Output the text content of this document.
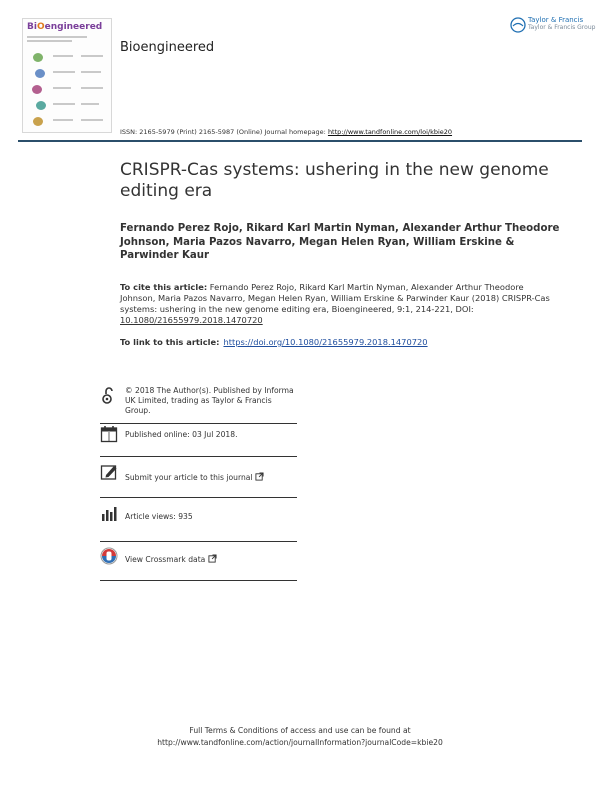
BiOengineered
Bioengineered
Taylor & Francis
Taylor & Francis Group
ISSN: 2165-5979 (Print) 2165-5987 (Online) Journal homepage: http://www.tandfonline.com/loi/kbie20
CRISPR-Cas systems: ushering in the new genome editing era
Fernando Perez Rojo, Rikard Karl Martin Nyman, Alexander Arthur Theodore Johnson, Maria Pazos Navarro, Megan Helen Ryan, William Erskine & Parwinder Kaur
To cite this article: Fernando Perez Rojo, Rikard Karl Martin Nyman, Alexander Arthur Theodore Johnson, Maria Pazos Navarro, Megan Helen Ryan, William Erskine & Parwinder Kaur (2018) CRISPR-Cas systems: ushering in the new genome editing era, Bioengineered, 9:1, 214-221, DOI: 10.1080/21655979.2018.1470720
To link to this article: https://doi.org/10.1080/21655979.2018.1470720
© 2018 The Author(s). Published by Informa UK Limited, trading as Taylor & Francis Group.
Published online: 03 Jul 2018.
Submit your article to this journal
Article views: 935
View Crossmark data
Full Terms & Conditions of access and use can be found at
http://www.tandfonline.com/action/journalInformation?journalCode=kbie20
